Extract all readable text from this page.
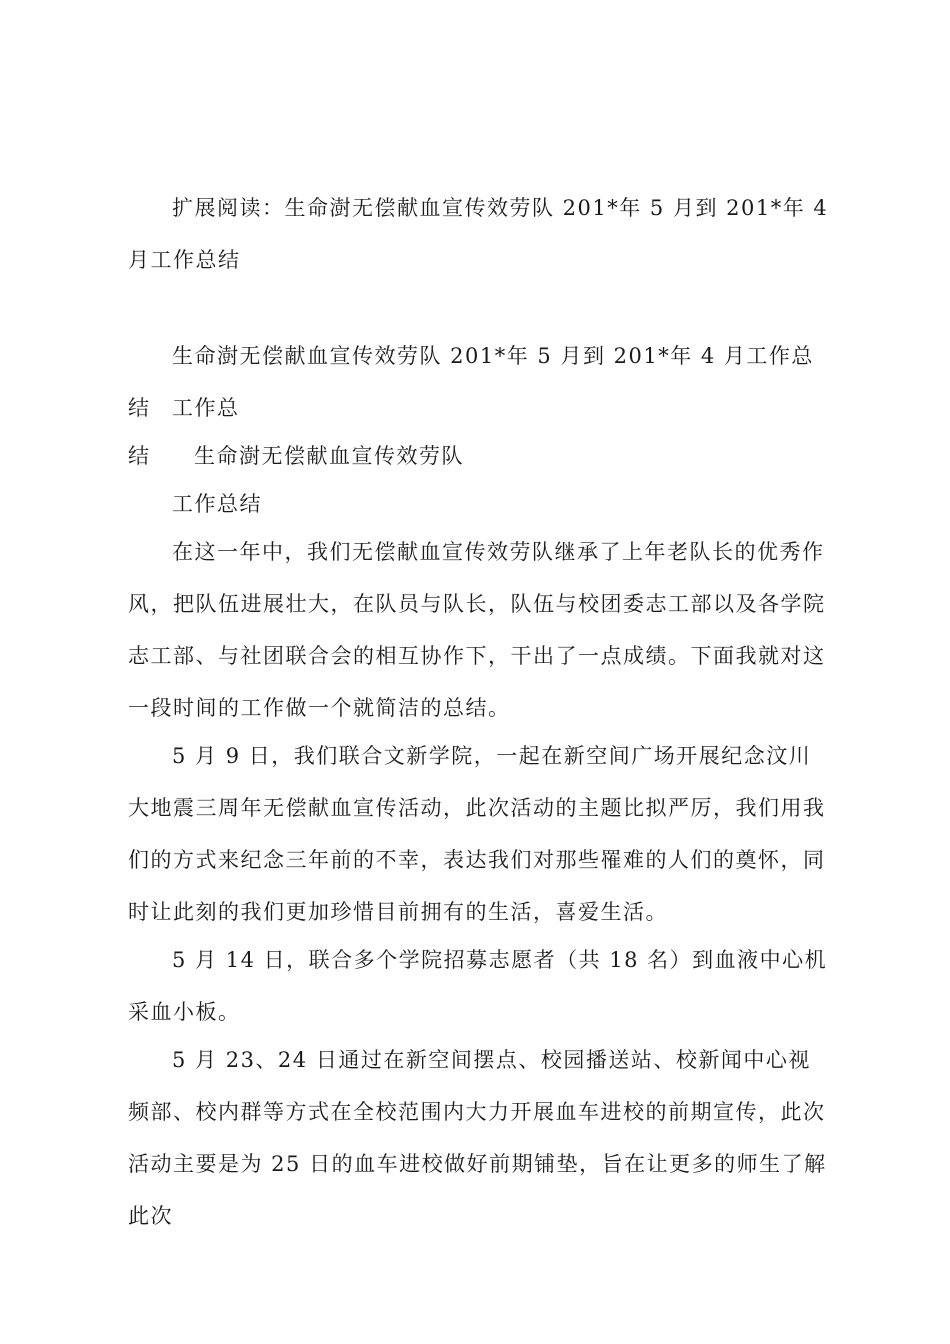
扩展阅读：生命澍无偿献血宣传效劳队 201*年 5 月到 201*年 4 月工作总结

生命澍无偿献血宣传效劳队 201*年 5 月到 201*年 4 月工作总结	工作总

结 生命澍无偿献血宣传效劳队

工作总结

在这一年中，我们无偿献血宣传效劳队继承了上年老队长的优秀作风，把队伍进展壮大，在队员与队长，队伍与校团委志工部以及各学院志工部、与社团联合会的相互协作下，干出了一点成绩。下面我就对这一段时间的工作做一个就简洁的总结。

5 月 9 日，我们联合文新学院，一起在新空间广场开展纪念汶川大地震三周年无偿献血宣传活动，此次活动的主题比拟严厉，我们用我们的方式来纪念三年前的不幸，表达我们对那些罹难的人们的奠怀，同时让此刻的我们更加珍惜目前拥有的生活，喜爱生活。

5 月 14 日，联合多个学院招募志愿者（共 18 名）到血液中心机采血小板。

5 月 23、24 日通过在新空间摆点、校园播送站、校新闻中心视频部、校内群等方式在全校范围内大力开展血车进校的前期宣传，此次活动主要是为 25 日的血车进校做好前期铺垫，旨在让更多的师生了解此次
